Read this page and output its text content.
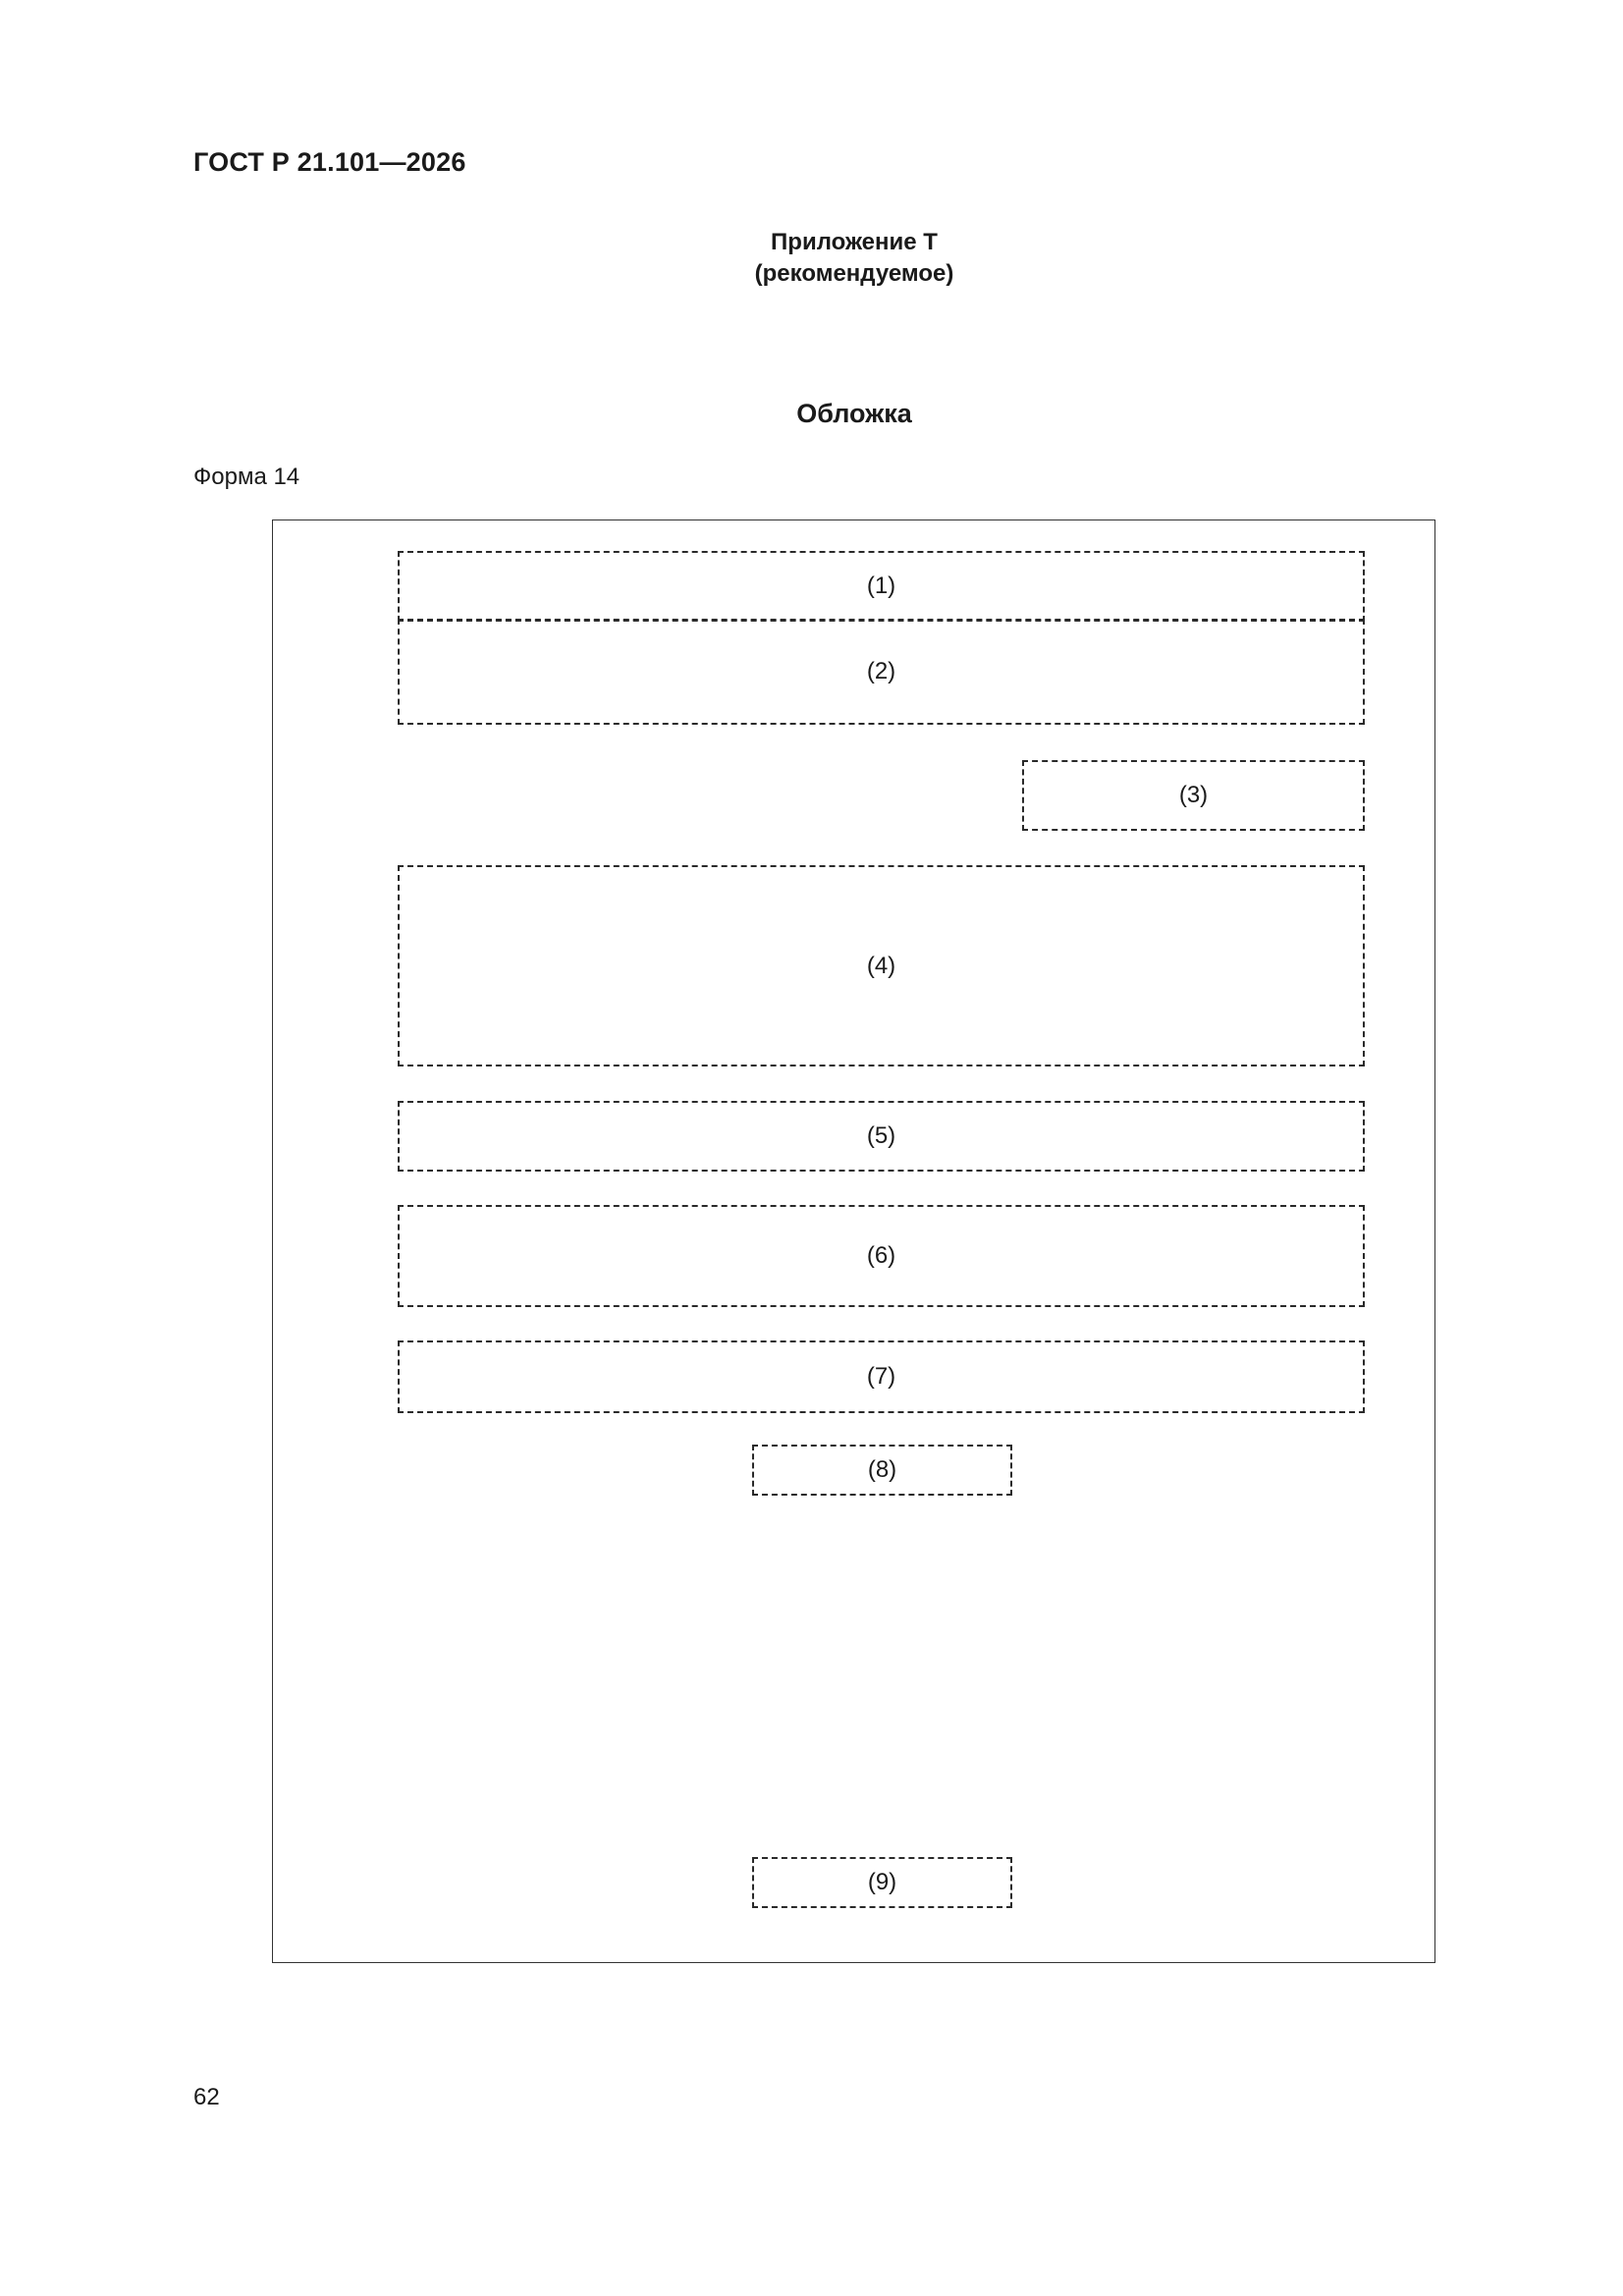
ГОСТ Р 21.101—2026
Приложение Т
(рекомендуемое)
Обложка
Форма 14
(1)
(2)
(3)
(4)
(5)
(6)
(7)
(8)
(9)
62
